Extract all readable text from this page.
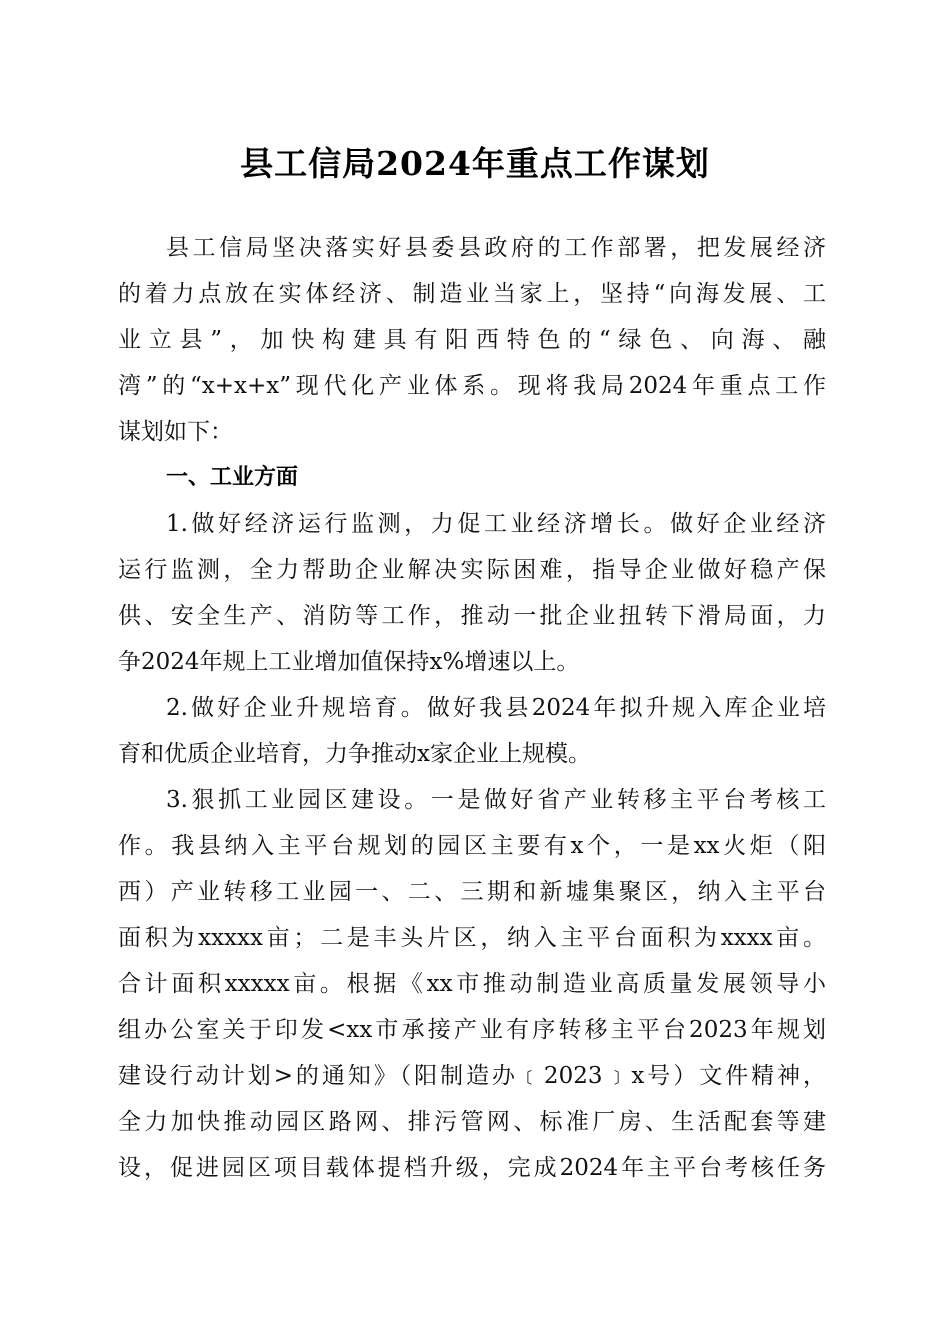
县工信局2024年重点工作谋划
县工信局坚决落实好县委县政府的工作部署，把发展经济
的着力点放在实体经济、制造业当家上，坚持“向海发展、工
业立县”，加快构建具有阳西特色的“绿色、向海、融
湾”的“x+x+x”现代化产业体系。现将我局2024年重点工作
谋划如下：
一、工业方面
1.做好经济运行监测，力促工业经济增长。做好企业经济
运行监测，全力帮助企业解决实际困难，指导企业做好稳产保
供、安全生产、消防等工作，推动一批企业扭转下滑局面，力
争2024年规上工业增加值保持x%增速以上。
2.做好企业升规培育。做好我县2024年拟升规入库企业培
育和优质企业培育，力争推动x家企业上规模。
3.狠抓工业园区建设。一是做好省产业转移主平台考核工
作。我县纳入主平台规划的园区主要有x个，一是xx火炬（阳
西）产业转移工业园一、二、三期和新墟集聚区，纳入主平台
面积为xxxxx亩；二是丰头片区，纳入主平台面积为xxxx亩。
合计面积xxxxx亩。根据《xx市推动制造业高质量发展领导小
组办公室关于印发<xx市承接产业有序转移主平台2023年规划
建设行动计划>的通知》（阳制造办﹝2023﹞x号）文件精神，
全力加快推动园区路网、排污管网、标准厂房、生活配套等建
设，促进园区项目载体提档升级，完成2024年主平台考核任务
